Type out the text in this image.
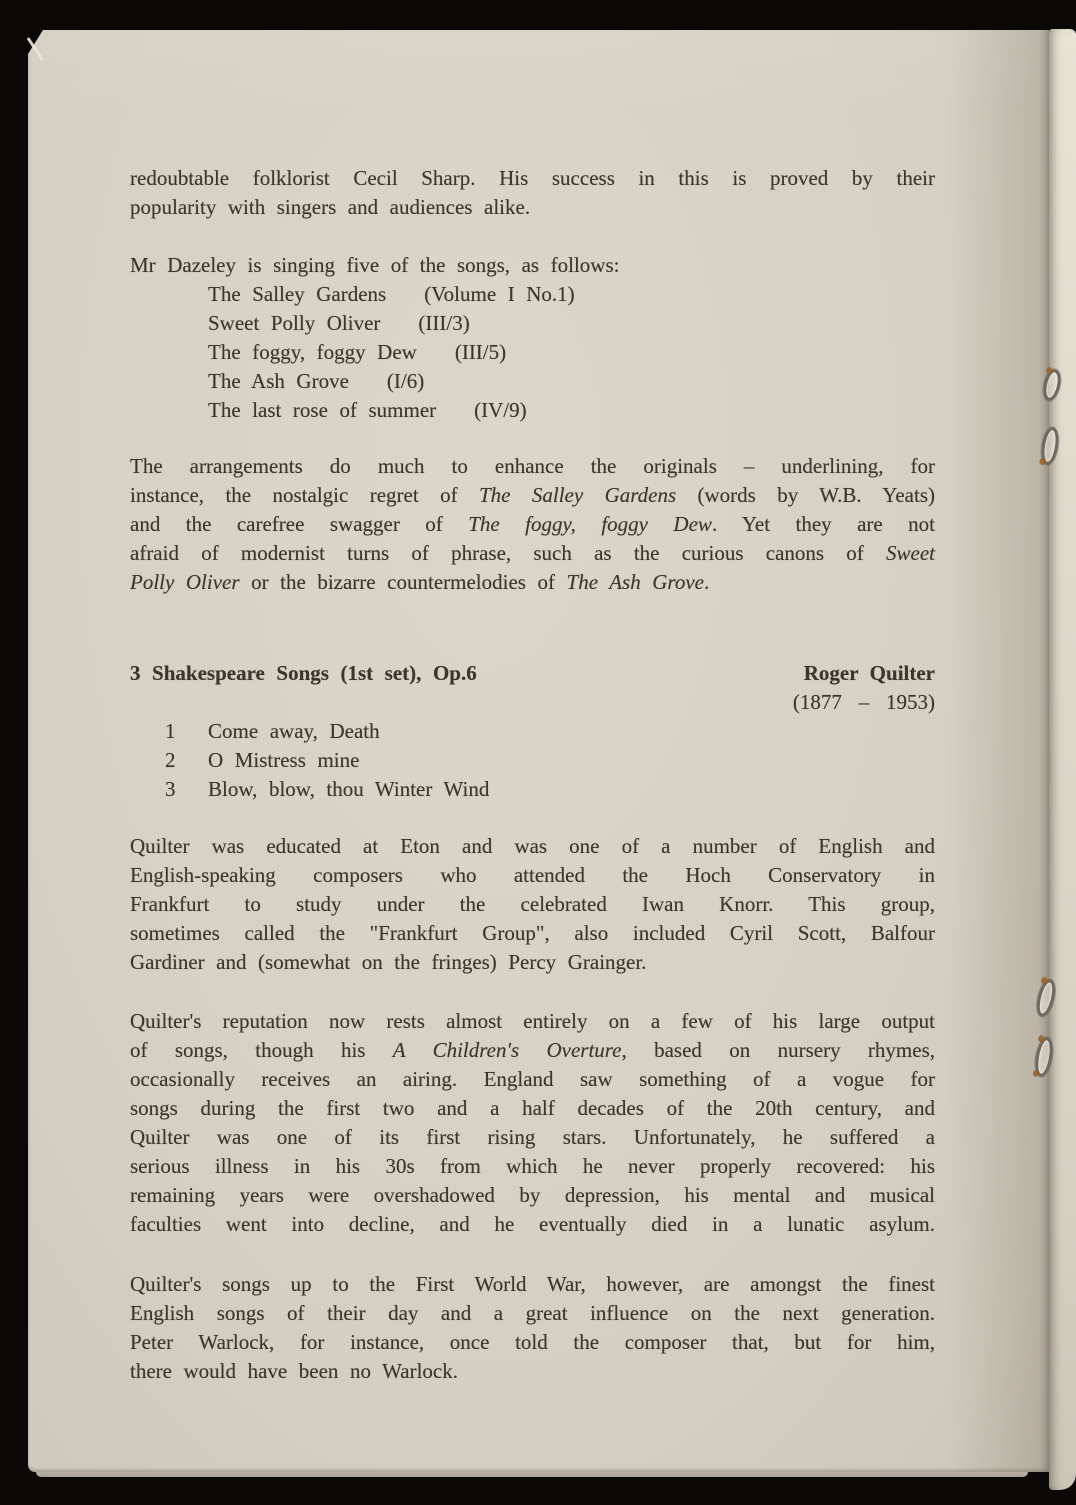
redoubtable folklorist Cecil Sharp. His success in this is proved by their
popularity with singers and audiences alike.
Mr Dazeley is singing five of the songs, as follows:
The Salley Gardens (Volume I No.1)
Sweet Polly Oliver (III/3)
The foggy, foggy Dew (III/5)
The Ash Grove (I/6)
The last rose of summer (IV/9)
The arrangements do much to enhance the originals – underlining, for
instance, the nostalgic regret of The Salley Gardens (words by W.B. Yeats)
and the carefree swagger of The foggy, foggy Dew. Yet they are not
afraid of modernist turns of phrase, such as the curious canons of Sweet
Polly Oliver or the bizarre countermelodies of The Ash Grove.
3 Shakespeare Songs (1st set), Op.6	Roger Quilter
(1877 – 1953)
1 Come away, Death
2 O Mistress mine
3 Blow, blow, thou Winter Wind
Quilter was educated at Eton and was one of a number of English and
English-speaking composers who attended the Hoch Conservatory in
Frankfurt to study under the celebrated Iwan Knorr. This group,
sometimes called the "Frankfurt Group", also included Cyril Scott, Balfour
Gardiner and (somewhat on the fringes) Percy Grainger.
Quilter's reputation now rests almost entirely on a few of his large output
of songs, though his A Children's Overture, based on nursery rhymes,
occasionally receives an airing. England saw something of a vogue for
songs during the first two and a half decades of the 20th century, and
Quilter was one of its first rising stars. Unfortunately, he suffered a
serious illness in his 30s from which he never properly recovered: his
remaining years were overshadowed by depression, his mental and musical
faculties went into decline, and he eventually died in a lunatic asylum.
Quilter's songs up to the First World War, however, are amongst the finest
English songs of their day and a great influence on the next generation.
Peter Warlock, for instance, once told the composer that, but for him,
there would have been no Warlock.
